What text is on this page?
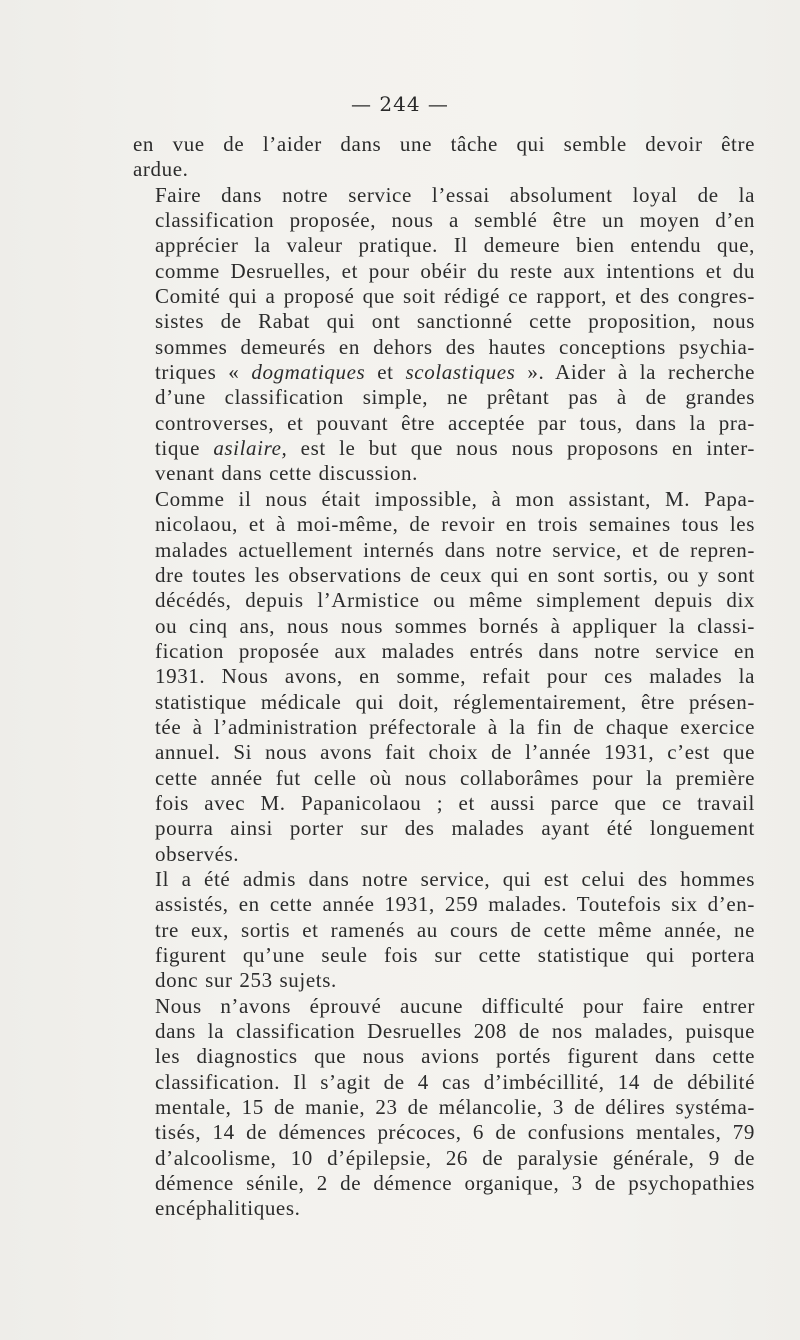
— 244 —

en vue de l’aider dans une tâche qui semble devoir être
ardue.

Faire dans notre service l’essai absolument loyal de la
classification proposée, nous a semblé être un moyen d’en
apprécier la valeur pratique. Il demeure bien entendu que,
comme Desruelles, et pour obéir du reste aux intentions et du
Comité qui a proposé que soit rédigé ce rapport, et des congres-
sistes de Rabat qui ont sanctionné cette proposition, nous
sommes demeurés en dehors des hautes conceptions psychia-
triques « dogmatiques et scolastiques ». Aider à la recherche
d’une classification simple, ne prêtant pas à de grandes
controverses, et pouvant être acceptée par tous, dans la pra-
tique asilaire, est le but que nous nous proposons en inter-
venant dans cette discussion.

Comme il nous était impossible, à mon assistant, M. Papa-
nicolaou, et à moi-même, de revoir en trois semaines tous les
malades actuellement internés dans notre service, et de repren-
dre toutes les observations de ceux qui en sont sortis, ou y sont
décédés, depuis l’Armistice ou même simplement depuis dix
ou cinq ans, nous nous sommes bornés à appliquer la classi-
fication proposée aux malades entrés dans notre service en
1931. Nous avons, en somme, refait pour ces malades la
statistique médicale qui doit, réglementairement, être présen-
tée à l’administration préfectorale à la fin de chaque exercice
annuel. Si nous avons fait choix de l’année 1931, c’est que
cette année fut celle où nous collaborâmes pour la première
fois avec M. Papanicolaou ; et aussi parce que ce travail
pourra ainsi porter sur des malades ayant été longuement
observés.

Il a été admis dans notre service, qui est celui des hommes
assistés, en cette année 1931, 259 malades. Toutefois six d’en-
tre eux, sortis et ramenés au cours de cette même année, ne
figurent qu’une seule fois sur cette statistique qui portera
donc sur 253 sujets.

Nous n’avons éprouvé aucune difficulté pour faire entrer
dans la classification Desruelles 208 de nos malades, puisque
les diagnostics que nous avions portés figurent dans cette
classification. Il s’agit de 4 cas d’imbécillité, 14 de débilité
mentale, 15 de manie, 23 de mélancolie, 3 de délires systéma-
tisés, 14 de démences précoces, 6 de confusions mentales, 79
d’alcoolisme, 10 d’épilepsie, 26 de paralysie générale, 9 de
démence sénile, 2 de démence organique, 3 de psychopathies
encéphalitiques.
